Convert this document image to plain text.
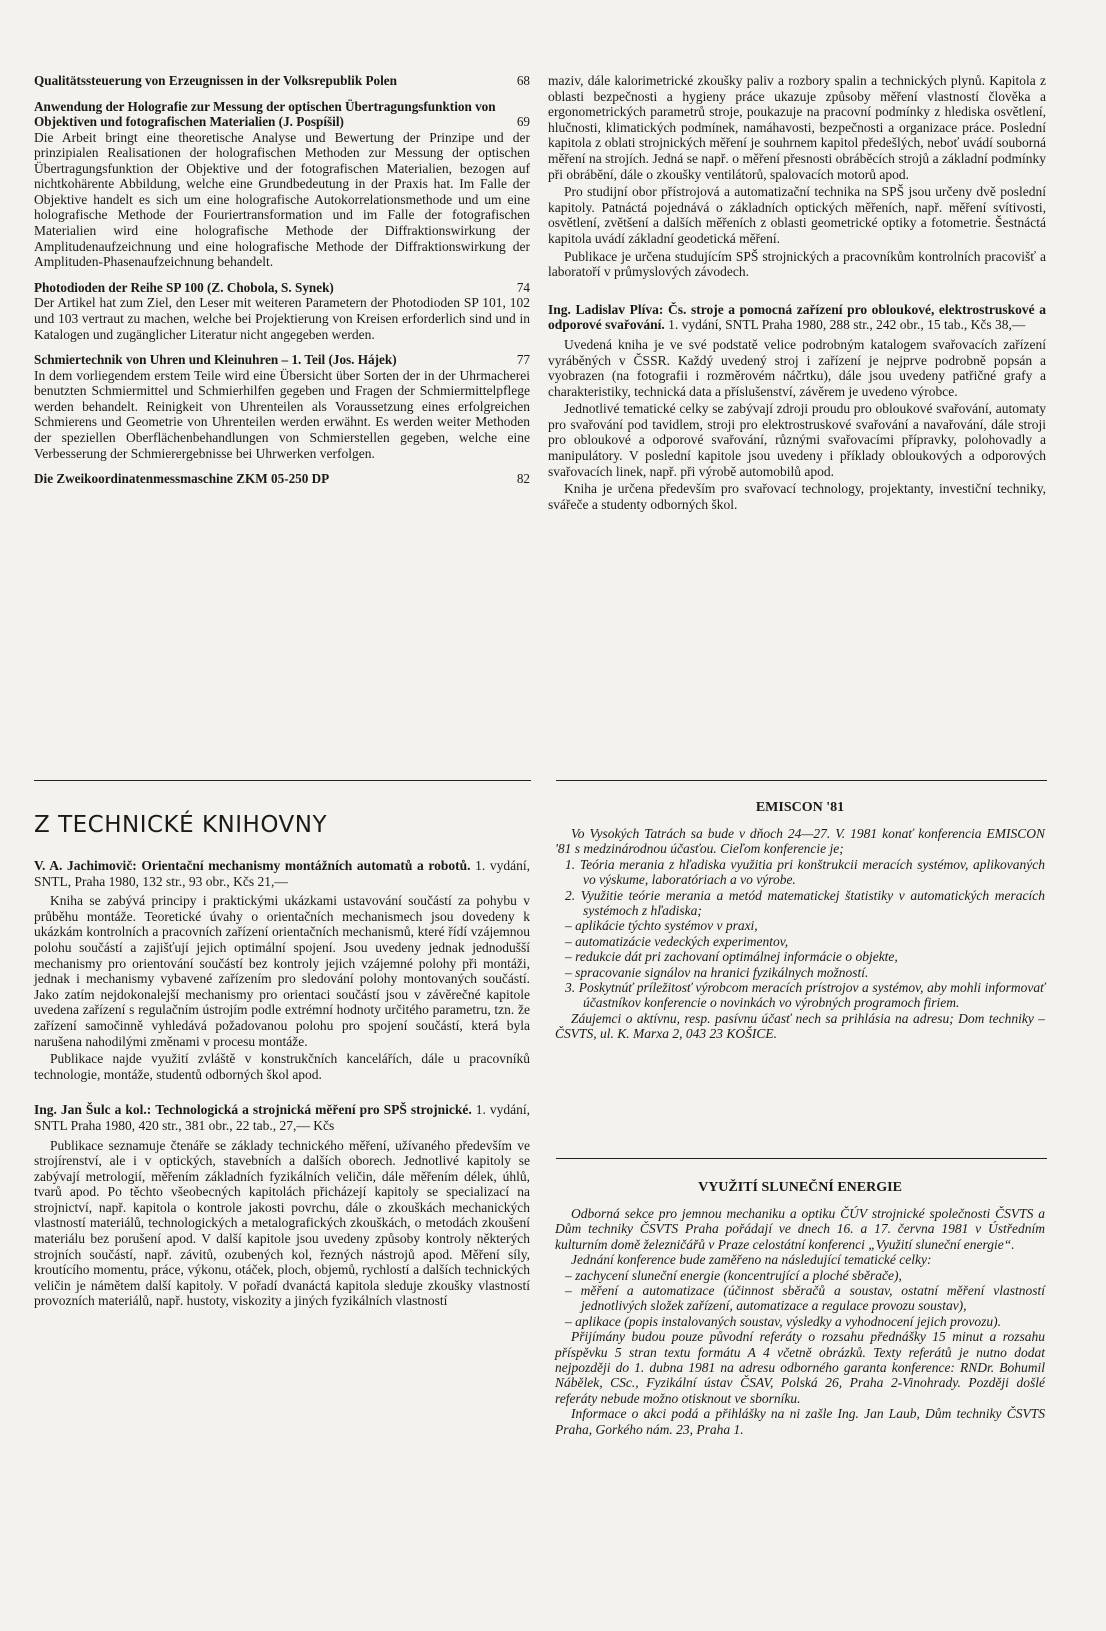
Qualitätssteuerung von Erzeugnissen in der Volksrepublik Polen	68
Anwendung der Holografie zur Messung der optischen Übertragungsfunktion von Objektiven und fotografischen Materialien (J. Pospíšil)	69

Die Arbeit bringt eine theoretische Analyse und Bewertung der Prinzipe und der prinzipialen Realisationen der holografischen Methoden zur Messung der optischen Übertragungsfunktion der Objektive und der fotografischen Materialien, bezogen auf nichtkohärente Abbildung, welche eine Grundbedeutung in der Praxis hat. Im Falle der Objektive handelt es sich um eine holografische Autokorrelationsmethode und um eine holografische Methode der Fouriertransformation und im Falle der fotografischen Materialien wird eine holografische Methode der Diffraktionswirkung der Amplitudenaufzeichnung und eine holografische Methode der Diffraktionswirkung der Amplituden-Phasenaufzeichnung behandelt.

Photodioden der Reihe SP 100 (Z. Chobola, S. Synek)	74

Der Artikel hat zum Ziel, den Leser mit weiteren Parametern der Photodioden SP 101, 102 und 103 vertraut zu machen, welche bei Projektierung von Kreisen erforderlich sind und in Katalogen und zugänglicher Literatur nicht angegeben werden.

Schmiertechnik von Uhren und Kleinuhren – 1. Teil (Jos. Hájek)	77

In dem vorliegendem erstem Teile wird eine Übersicht über Sorten der in der Uhrmacherei benutzten Schmiermittel und Schmierhilfen gegeben und Fragen der Schmiermittelpflege werden behandelt. Reinigkeit von Uhrenteilen als Voraussetzung eines erfolgreichen Schmierens und Geometrie von Uhrenteilen werden erwähnt. Es werden weiter Methoden der speziellen Oberflächenbehandlungen von Schmierstellen gegeben, welche eine Verbesserung der Schmierergebnisse bei Uhrwerken verfolgen.

Die Zweikoordinatenmessmaschine ZKM 05-250 DP	82

maziv, dále kalorimetrické zkoušky paliv a rozbory spalin a technických plynů. Kapitola z oblasti bezpečnosti a hygieny práce ukazuje způsoby měření vlastností člověka a ergonometrických parametrů stroje, poukazuje na pracovní podmínky z hlediska osvětlení, hlučnosti, klimatických podmínek, namáhavosti, bezpečnosti a organizace práce. Poslední kapitola z oblati strojnických měření je souhrnem kapitol předešlých, neboť uvádí souborná měření na strojích. Jedná se např. o měření přesnosti obráběcích strojů a základní podmínky při obrábění, dále o zkoušky ventilátorů, spalovacích motorů apod.

Pro studijní obor přístrojová a automatizační technika na SPŠ jsou určeny dvě poslední kapitoly. Patnáctá pojednává o základních optických měřeních, např. měření svítivosti, osvětlení, zvětšení a dalších měřeních z oblasti geometrické optiky a fotometrie. Šestnáctá kapitola uvádí základní geodetická měření.

Publikace je určena studujícím SPŠ strojnických a pracovníkům kontrolních pracovišť a laboratoří v průmyslových závodech.

Ing. Ladislav Plíva: Čs. stroje a pomocná zařízení pro obloukové, elektrostruskové a odporové svařování. 1. vydání, SNTL Praha 1980, 288 str., 242 obr., 15 tab., Kčs 38,—

Uvedená kniha je ve své podstatě velice podrobným katalogem svařovacích zařízení vyráběných v ČSSR. Každý uvedený stroj i zařízení je nejprve podrobně popsán a vyobrazen (na fotografii i rozměrovém náčrtku), dále jsou uvedeny patřičné grafy a charakteristiky, technická data a příslušenství, závěrem je uvedeno výrobce.

Jednotlivé tematické celky se zabývají zdroji proudu pro obloukové svařování, automaty pro svařování pod tavidlem, stroji pro elektrostruskové svařování a navařování, dále stroji pro obloukové a odporové svařování, různými svařovacími přípravky, polohovadly a manipulátory. V poslední kapitole jsou uvedeny i příklady obloukových a odporových svařovacích linek, např. při výrobě automobilů apod.

Kniha je určena především pro svařovací technology, projektanty, investiční techniky, svářeče a studenty odborných škol.

Z TECHNICKÉ KNIHOVNY

V. A. Jachimovič: Orientační mechanismy montážních automatů a robotů. 1. vydání, SNTL, Praha 1980, 132 str., 93 obr., Kčs 21,—

Kniha se zabývá principy i praktickými ukázkami ustavování součástí za pohybu v průběhu montáže. Teoretické úvahy o orientačních mechanismech jsou dovedeny k ukázkám kontrolních a pracovních zařízení orientačních mechanismů, které řídí vzájemnou polohu součástí a zajišťují jejich optimální spojení. Jsou uvedeny jednak jednodušší mechanismy pro orientování součástí bez kontroly jejich vzájemné polohy při montáži, jednak i mechanismy vybavené zařízením pro sledování polohy montovaných součástí. Jako zatím nejdokonalejší mechanismy pro orientaci součástí jsou v závěrečné kapitole uvedena zařízení s regulačním ústrojím podle extrémní hodnoty určitého parametru, tzn. že zařízení samočinně vyhledává požadovanou polohu pro spojení součástí, která byla narušena nahodilými změnami v procesu montáže.

Publikace najde využití zvláště v konstrukčních kancelářích, dále u pracovníků technologie, montáže, studentů odborných škol apod.

Ing. Jan Šulc a kol.: Technologická a strojnická měření pro SPŠ strojnické. 1. vydání, SNTL Praha 1980, 420 str., 381 obr., 22 tab., 27,— Kčs

Publikace seznamuje čtenáře se základy technického měření, užívaného především ve strojírenství, ale i v optických, stavebních a dalších oborech. Jednotlivé kapitoly se zabývají metrologií, měřením základních fyzikálních veličin, dále měřením délek, úhlů, tvarů apod. Po těchto všeobecných kapitolách přicházejí kapitoly se specializací na strojnictví, např. kapitola o kontrole jakosti povrchu, dále o zkouškách mechanických vlastností materiálů, technologických a metalografických zkouškách, o metodách zkoušení materiálu bez porušení apod. V další kapitole jsou uvedeny způsoby kontroly některých strojních součástí, např. závitů, ozubených kol, řezných nástrojů apod. Měření síly, kroutícího momentu, práce, výkonu, otáček, ploch, objemů, rychlostí a dalších technických veličin je námětem další kapitoly. V pořadí dvanáctá kapitola sleduje zkoušky vlastností provozních materiálů, např. hustoty, viskozity a jiných fyzikálních vlastností

EMISCON '81

Vo Vysokých Tatrách sa bude v dňoch 24—27. V. 1981 konať konferencia EMISCON '81 s medzinárodnou účasťou. Cieľom konferencie je;

1. Teória merania z hľadiska využitia pri konštrukcii meracích systémov, aplikovaných vo výskume, laboratóriach a vo výrobe.
2. Využitie teórie merania a metód matematickej štatistiky v automatických meracích systémoch z hľadiska;
– aplikácie týchto systémov v praxi,
– automatizácie vedeckých experimentov,
– redukcie dát pri zachovaní optimálnej informácie o objekte,
– spracovanie signálov na hranici fyzikálnych možností.
3. Poskytnúť príležitosť výrobcom meracích prístrojov a systémov, aby mohli informovať účastníkov konferencie o novinkách vo výrobných programoch firiem.

Záujemci o aktívnu, resp. pasívnu účasť nech sa prihlásia na adresu; Dom techniky – ČSVTS, ul. K. Marxa 2, 043 23 KOŠICE.

VYUŽITÍ SLUNEČNÍ ENERGIE

Odborná sekce pro jemnou mechaniku a optiku ČÚV strojnické společnosti ČSVTS a Dům techniky ČSVTS Praha pořádají ve dnech 16. a 17. června 1981 v Ústředním kulturním domě železničářů v Praze celostátní konferenci „Využití sluneční energie“.

Jednání konference bude zaměřeno na následující tematické celky:

– zachycení sluneční energie (koncentrující a ploché sběrače),
– měření a automatizace (účinnost sběračů a soustav, ostatní měření vlastností jednotlivých složek zařízení, automatizace a regulace provozu soustav),
– aplikace (popis instalovaných soustav, výsledky a vyhodnocení jejich provozu).

Přijímány budou pouze původní referáty o rozsahu přednášky 15 minut a rozsahu příspěvku 5 stran textu formátu A 4 včetně obrázků. Texty referátů je nutno dodat nejpozději do 1. dubna 1981 na adresu odborného garanta konference: RNDr. Bohumil Nábělek, CSc., Fyzikální ústav ČSAV, Polská 26, Praha 2-Vinohrady. Později došlé referáty nebude možno otisknout ve sborníku.

Informace o akci podá a přihlášky na ni zašle Ing. Jan Laub, Dům techniky ČSVTS Praha, Gorkého nám. 23, Praha 1.
